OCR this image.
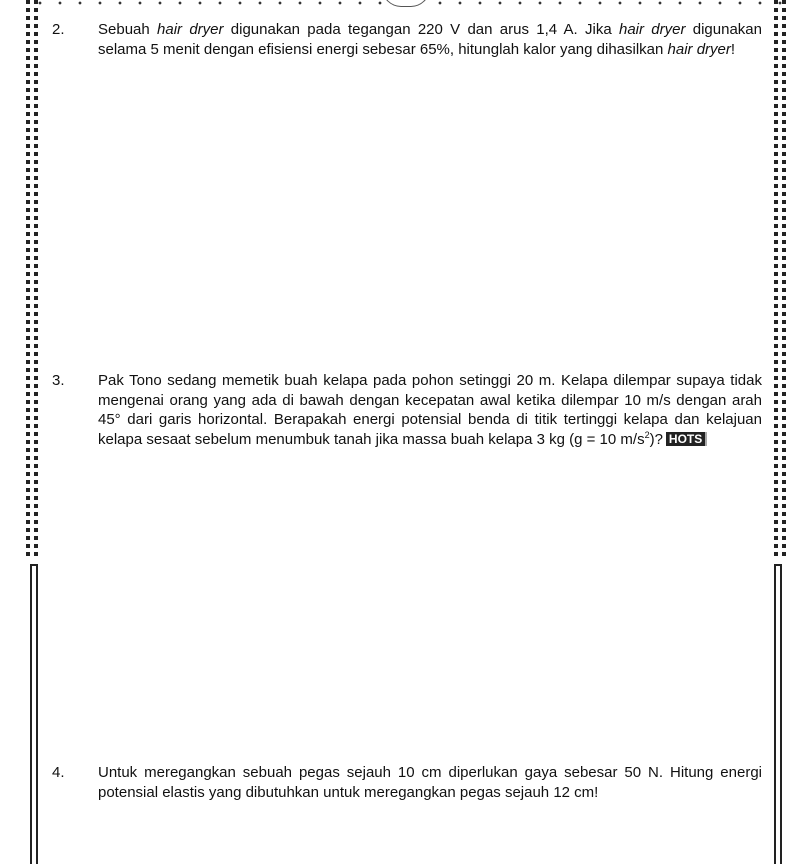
2.	Sebuah hair dryer digunakan pada tegangan 220 V dan arus 1,4 A. Jika hair dryer digunakan selama 5 menit dengan efisiensi energi sebesar 65%, hitunglah kalor yang dihasilkan hair dryer!
3.	Pak Tono sedang memetik buah kelapa pada pohon setinggi 20 m. Kelapa dilempar supaya tidak mengenai orang yang ada di bawah dengan kecepatan awal ketika dilempar 10 m/s dengan arah 45° dari garis horizontal. Berapakah energi potensial benda di titik tertinggi kelapa dan kelajuan kelapa sesaat sebelum menumbuk tanah jika massa buah kelapa 3 kg (g = 10 $m/s^2$)? HOTS
4.	Untuk meregangkan sebuah pegas sejauh 10 cm diperlukan gaya sebesar 50 N. Hitung energi potensial elastis yang dibutuhkan untuk meregangkan pegas sejauh 12 cm!
